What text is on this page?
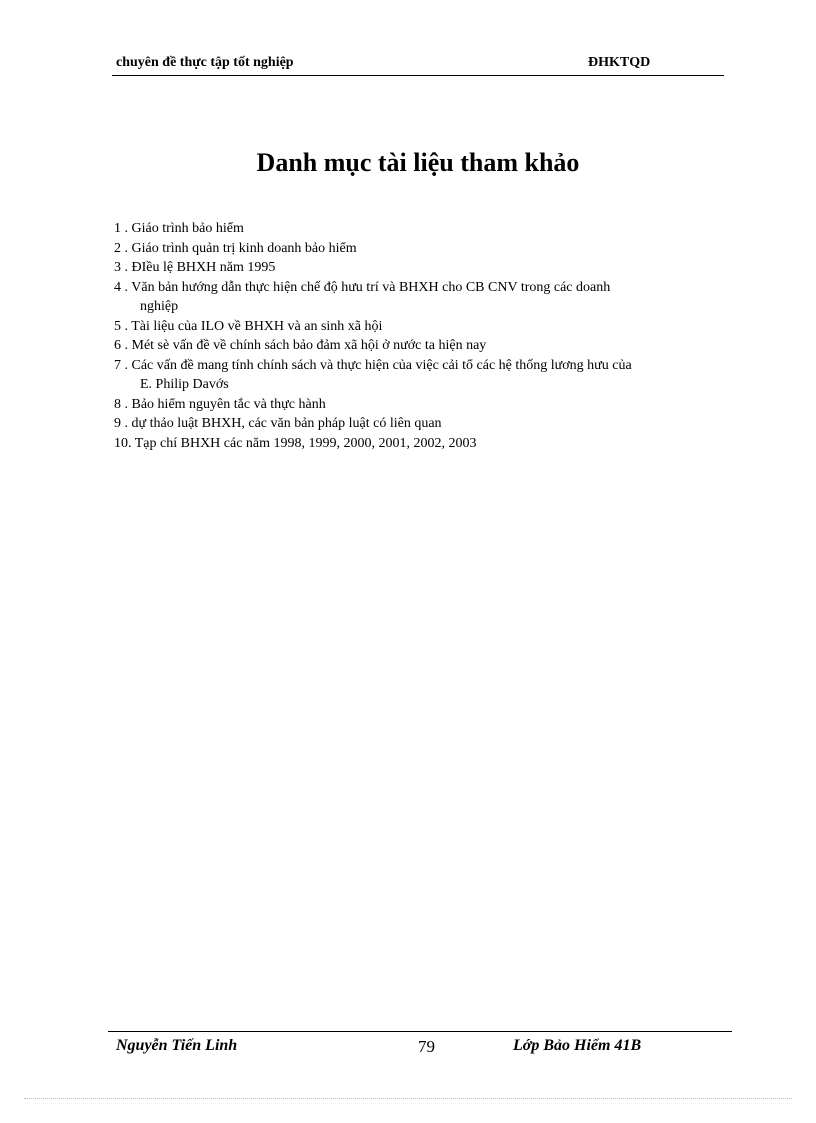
chuyên đề thực tập tốt nghiệp	ĐHKTQD
Danh mục tài liệu tham khảo
1 . Giáo trình bảo hiểm
2 . Giáo trình quản trị kinh doanh bảo hiểm
3 . ĐIều lệ BHXH năm 1995
4 . Văn bản hướng dẫn thực hiện chế độ hưu trí và BHXH cho CB CNV trong các doanh
nghiệp
5 . Tài liệu của ILO về BHXH và an sinh xã hội
6 . Mét sè vấn đề về chính sách bảo đảm xã hội ở nước ta hiện nay
7 . Các vấn đề mang tính chính sách và thực hiện của việc cải tổ các hệ thống lương hưu của
E. Philip Davớs
8 . Bảo hiểm nguyên tắc và thực hành
9 . dự thảo luật BHXH, các văn bản pháp luật có liên quan
10. Tạp chí BHXH các năm 1998, 1999, 2000, 2001, 2002, 2003
Nguyễn Tiến Linh	79	Lớp Bảo Hiểm 41B
